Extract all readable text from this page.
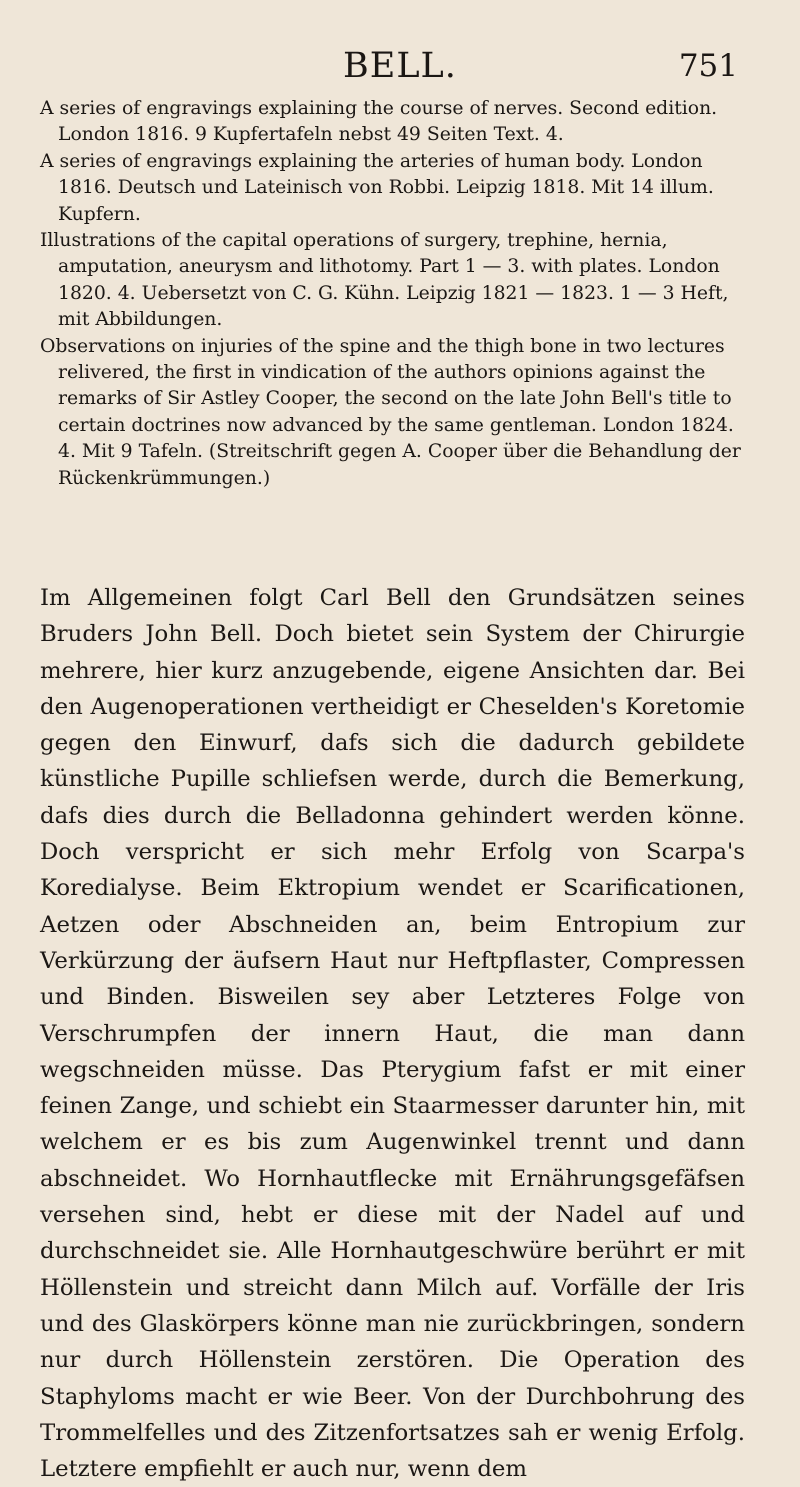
BELL.	751
A series of engravings explaining the course of nerves. Second edition. London 1816. 9 Kupfertafeln nebst 49 Seiten Text. 4.
A series of engravings explaining the arteries of human body. London 1816. Deutsch und Lateinisch von Robbi. Leipzig 1818. Mit 14 illum. Kupfern.
Illustrations of the capital operations of surgery, trephine, hernia, amputation, aneurysm and lithotomy. Part 1 — 3. with plates. London 1820. 4. Uebersetzt von C. G. Kühn. Leipzig 1821 — 1823. 1 — 3 Heft, mit Abbildungen.
Observations on injuries of the spine and the thigh bone in two lectures relivered, the first in vindication of the authors opinions against the remarks of Sir Astley Cooper, the second on the late John Bell's title to certain doctrines now advanced by the same gentleman. London 1824. 4. Mit 9 Tafeln. (Streitschrift gegen A. Cooper über die Behandlung der Rückenkrümmungen.)
Im Allgemeinen folgt Carl Bell den Grundsätzen seines Bruders John Bell. Doch bietet sein System der Chirurgie mehrere, hier kurz anzugebende, eigene Ansichten dar. Bei den Augenoperationen vertheidigt er Cheselden's Koretomie gegen den Einwurf, dafs sich die dadurch gebildete künstliche Pupille schliefsen werde, durch die Bemerkung, dafs dies durch die Belladonna gehindert werden könne. Doch verspricht er sich mehr Erfolg von Scarpa's Koredialyse. Beim Ektropium wendet er Scarificationen, Aetzen oder Abschneiden an, beim Entropium zur Verkürzung der äufsern Haut nur Heftpflaster, Compressen und Binden. Bisweilen sey aber Letzteres Folge von Verschrumpfen der innern Haut, die man dann wegschneiden müsse. Das Pterygium fafst er mit einer feinen Zange, und schiebt ein Staarmesser darunter hin, mit welchem er es bis zum Augenwinkel trennt und dann abschneidet. Wo Hornhautflecke mit Ernährungsgefäfsen versehen sind, hebt er diese mit der Nadel auf und durchschneidet sie. Alle Hornhautgeschwüre berührt er mit Höllenstein und streicht dann Milch auf. Vorfälle der Iris und des Glaskörpers könne man nie zurückbringen, sondern nur durch Höllenstein zerstören. Die Operation des Staphyloms macht er wie Beer. Von der Durchbohrung des Trommelfelles und des Zitzenfortsatzes sah er wenig Erfolg. Letztere empfiehlt er auch nur, wenn dem
